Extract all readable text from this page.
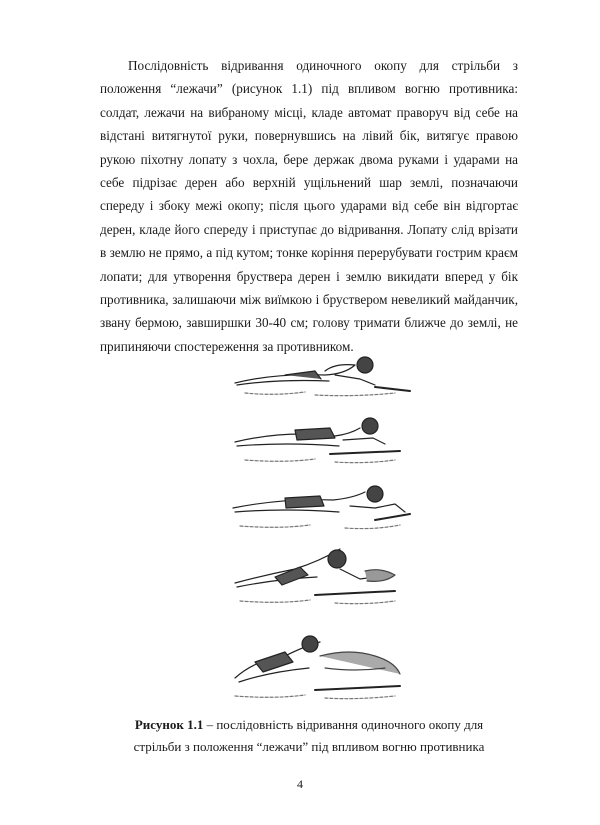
Послідовність відривання одиночного окопу для стрільби з положення “лежачи” (рисунок 1.1) під впливом вогню противника: солдат, лежачи на вибраному місці, кладе автомат праворуч від себе на відстані витягнутої руки, повернувшись на лівий бік, витягує правою рукою піхотну лопату з чохла, бере держак двома руками і ударами на себе підрізає дерен або верхній ущільнений шар землі, позначаючи спереду і збоку межі окопу; після цього ударами від себе він відгортає дерен, кладе його спереду і приступає до відривання. Лопату слід врізати в землю не прямо, а під кутом; тонке коріння перерубувати гострим краєм лопати; для утворення бруствера дерен і землю викидати вперед у бік противника, залишаючи між виїмкою і бруствером невеликий майданчик, звану бермою, завширшки 30-40 см; голову тримати ближче до землі, не припиняючи спостереження за противником.

Рисунок 1.1 – послідовність відривання одиночного окопу для стрільби з положення “лежачи” під впливом вогню противника

4
